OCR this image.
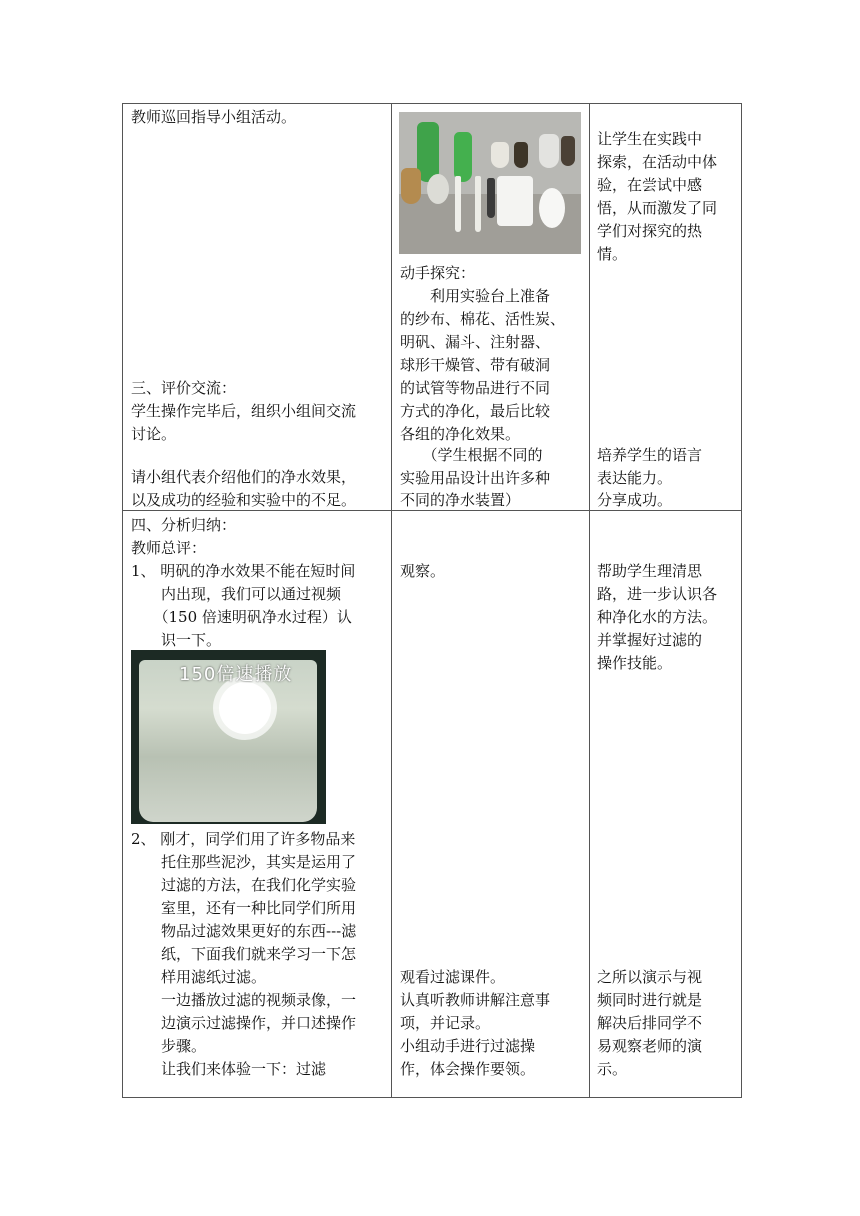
教师巡回指导小组活动。
三、评价交流：
学生操作完毕后，组织小组间交流
讨论。
请小组代表介绍他们的净水效果，
以及成功的经验和实验中的不足。
动手探究：
　　利用实验台上准备
的纱布、棉花、活性炭、
明矾、漏斗、注射器、
球形干燥管、带有破洞
的试管等物品进行不同
方式的净化，最后比较
各组的净化效果。
　　（学生根据不同的
实验用品设计出许多种
不同的净水装置）
让学生在实践中
探索，在活动中体
验，在尝试中感
悟，从而激发了同
学们对探究的热
情。
培养学生的语言
表达能力。
分享成功。
四、分析归纳：
教师总评：
1、 明矾的净水效果不能在短时间
　　内出现，我们可以通过视频
　　（150 倍速明矾净水过程）认
　　识一下。
150倍速播放
2、 刚才，同学们用了许多物品来
　　托住那些泥沙，其实是运用了
　　过滤的方法，在我们化学实验
　　室里，还有一种比同学们所用
　　物品过滤效果更好的东西---滤
　　纸，下面我们就来学习一下怎
　　样用滤纸过滤。
　　一边播放过滤的视频录像，一
　　边演示过滤操作，并口述操作
　　步骤。
　　让我们来体验一下：过滤
观察。
观看过滤课件。
认真听教师讲解注意事
项，并记录。
小组动手进行过滤操
作，体会操作要领。
帮助学生理清思
路，进一步认识各
种净化水的方法。
并掌握好过滤的
操作技能。
之所以演示与视
频同时进行就是
解决后排同学不
易观察老师的演
示。
